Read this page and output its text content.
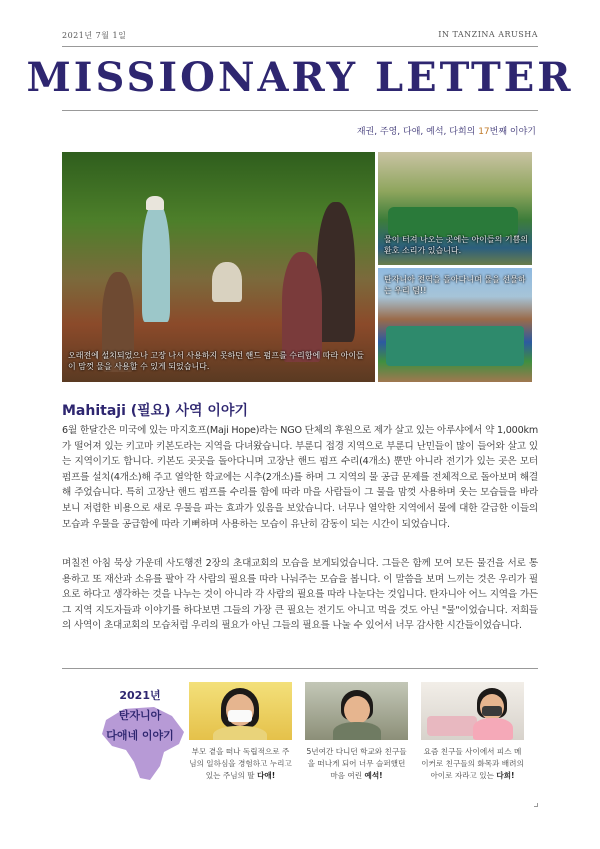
2021년 7월 1일	IN TANZINA ARUSHA
MISSIONARY LETTER
재권, 주영, 다애, 예석, 다희의 17번째 이야기
오래전에 설치되었으나 고장 나서 사용하지 못하던 핸드 펌프를 수리함에 따라 아이들이 맘껏 물을 사용할 수 있게 되었습니다.
물이 터져 나오는 곳에는 아이들의 기쁨의 환호 소리가 있습니다.
탄자니아 전역을 돌아다니며 물을 선물하는 우리 팀!!
Mahitaji (필요) 사역 이야기

6월 한달간은 미국에 있는 마지호프(Maji Hope)라는 NGO 단체의 후원으로 제가 살고 있는 아루샤에서 약 1,000km가 떨어져 있는 키고마 키본도라는 지역을 다녀왔습니다. 부룬디 접경 지역으로 부룬디 난민들이 많이 들어와 살고 있는 지역이기도 합니다. 키본도 곳곳을 돌아다니며 고장난 핸드 펌프 수리(4개소) 뿐만 아니라 전기가 있는 곳은 모터 펌프를 설치(4개소)해 주고 열악한 학교에는 시추(2개소)를 하며 그 지역의 물 공급 문제를 전체적으로 돌아보며 해결해 주었습니다. 특히 고장난 핸드 펌프를 수리를 함에 따라 마을 사람들이 그 물을 맘껏 사용하며 웃는 모습들을 바라보니 저렴한 비용으로 새로 우물을 파는 효과가 있음을 보았습니다. 너무나 열악한 지역에서 물에 대한 갈급한 이들의 모습과 우물을 공급함에 따라 기뻐하며 사용하는 모습이 유난히 감동이 되는 시간이 되었습니다.

며칠전 아침 묵상 가운데 사도행전 2장의 초대교회의 모습을 보게되었습니다. 그들은 함께 모여 모든 물건을 서로 통용하고 또 재산과 소유를 팔아 각 사람의 필요를 따라 나눠주는 모습을 봅니다. 이 말씀을 보며 느끼는 것은 우리가 필요로 하다고 생각하는 것을 나누는 것이 아니라 각 사람의 필요를 따라 나눈다는 것입니다. 탄자니아 어느 지역을 가든 그 지역 지도자들과 이야기를 하다보면 그들의 가장 큰 필요는 전기도 아니고 먹을 것도 아닌 "물"이었습니다. 저희들의 사역이 초대교회의 모습처럼 우리의 필요가 아닌 그들의 필요를 나눌 수 있어서 너무 감사한 시간들이었습니다.

2021년
탄자니아
다애네 이야기
부모 곁을 떠나 독립적으로 주님의 일하심을 경험하고 누리고 있는 주님의 딸 다애!
5년여간 다니던 학교와 친구들을 떠나게 되어 너무 슬퍼했던 마음 여린 예석!
요즘 친구들 사이에서 피스 메이커로 친구들의 화목과 배려의 아이로 자라고 있는 다희!
